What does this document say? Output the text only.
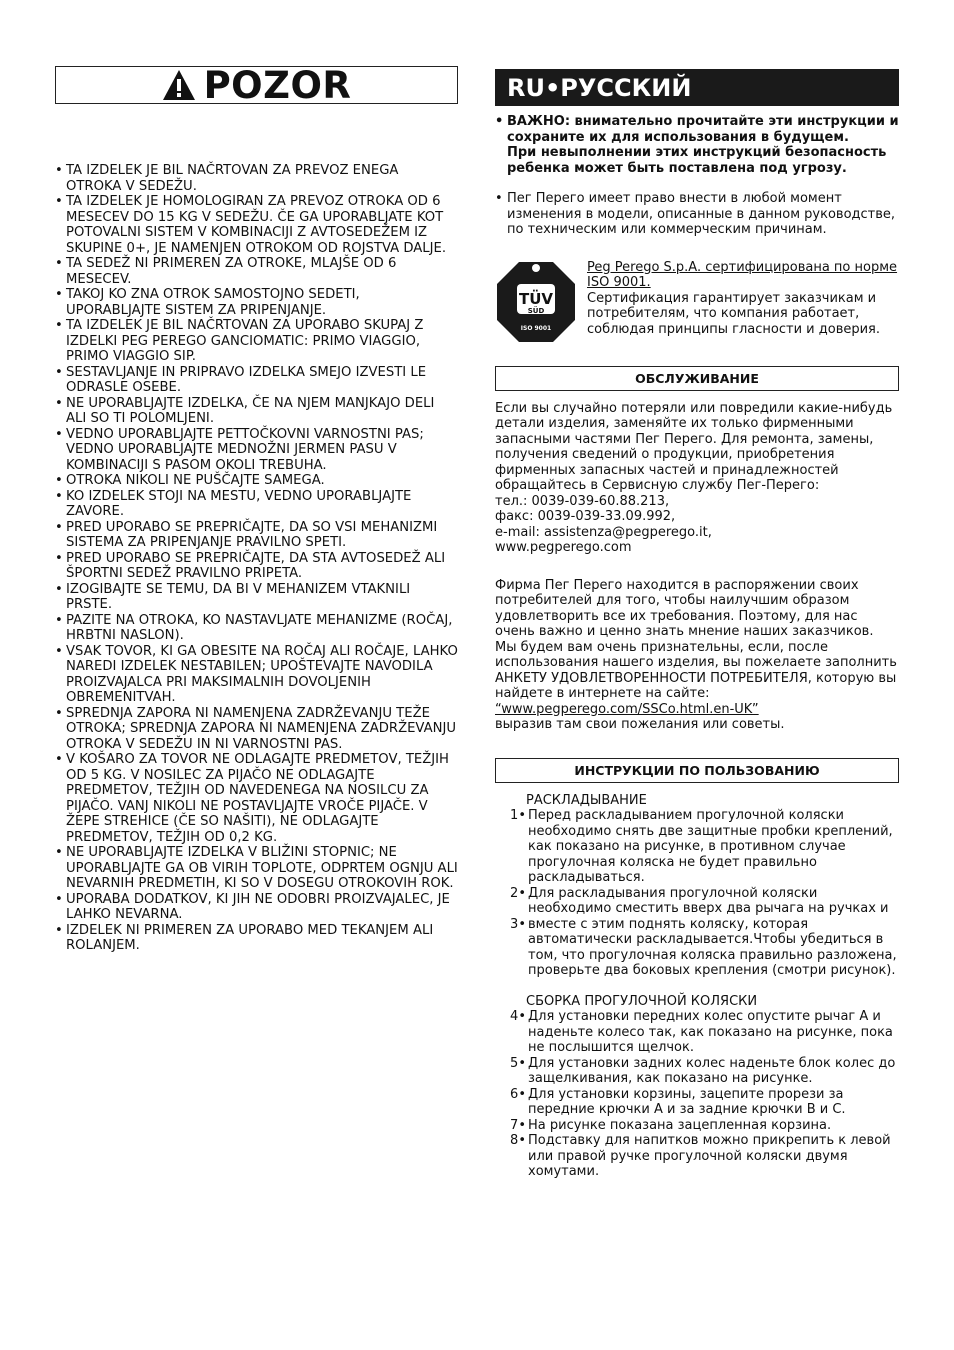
POZOR
• TA IZDELEK JE BIL NAČRTOVAN ZA PREVOZ ENEGA OTROKA V SEDEŽU.
• TA IZDELEK JE HOMOLOGIRAN ZA PREVOZ OTROKA OD 6 MESECEV DO 15 KG V SEDEŽU. ČE GA UPORABLJATE KOT POTOVALNI SISTEM V KOMBINACIJI Z AVTOSEDEŽEM IZ SKUPINE 0+, JE NAMENJEN OTROKOM OD ROJSTVA DALJE.
• TA SEDEŽ NI PRIMEREN ZA OTROKE, MLAJŠE OD 6 MESECEV.
• TAKOJ KO ZNA OTROK SAMOSTOJNO SEDETI, UPORABLJAJTE SISTEM ZA PRIPENJANJE.
• TA IZDELEK JE BIL NAČRTOVAN ZA UPORABO SKUPAJ Z IZDELKI PEG PEREGO GANCIOMATIC: PRIMO VIAGGIO, PRIMO VIAGGIO SIP.
• SESTAVLJANJE IN PRIPRAVO IZDELKA SMEJO IZVESTI LE ODRASLE OSEBE.
• NE UPORABLJAJTE IZDELKA, ČE NA NJEM MANJKAJO DELI ALI SO TI POLOMLJENI.
• VEDNO UPORABLJAJTE PETTOČKOVNI VARNOSTNI PAS; VEDNO UPORABLJAJTE MEDNOŽNI JERMEN PASU V KOMBINACIJI S PASOM OKOLI TREBUHA.
• OTROKA NIKOLI NE PUŠČAJTE SAMEGA.
• KO IZDELEK STOJI NA MESTU, VEDNO UPORABLJAJTE ZAVORE.
• PRED UPORABO SE PREPRIČAJTE, DA SO VSI MEHANIZMI SISTEMA ZA PRIPENJANJE PRAVILNO SPETI.
• PRED UPORABO SE PREPRIČAJTE, DA STA AVTOSEDEŽ ALI ŠPORTNI SEDEŽ PRAVILNO PRIPETA.
• IZOGIBAJTE SE TEMU, DA BI V MEHANIZEM VTAKNILI PRSTE.
• PAZITE NA OTROKA, KO NASTAVLJATE MEHANIZME (ROČAJ, HRBTNI NASLON).
• VSAK TOVOR, KI GA OBESITE NA ROČAJ ALI ROČAJE, LAHKO NAREDI IZDELEK NESTABILEN; UPOŠTEVAJTE NAVODILA PROIZVAJALCA PRI MAKSIMALNIH DOVOLJENIH OBREMENITVAH.
• SPREDNJA ZAPORA NI NAMENJENA ZADRŽEVANJU TEŽE OTROKA; SPREDNJA ZAPORA NI NAMENJENA ZADRŽEVANJU OTROKA V SEDEŽU IN NI VARNOSTNI PAS.
• V KOŠARO ZA TOVOR NE ODLAGAJTE PREDMETOV, TEŽJIH OD 5 KG. V NOSILEC ZA PIJAČO NE ODLAGAJTE PREDMETOV, TEŽJIH OD NAVEDENEGA NA NOSILCU ZA PIJAČO. VANJ NIKOLI NE POSTAVLJAJTE VROČE PIJAČE. V ŽEPE STREHICE (ČE SO NAŠITI), NE ODLAGAJTE PREDMETOV, TEŽJIH OD 0,2 KG.
• NE UPORABLJAJTE IZDELKA V BLIŽINI STOPNIC; NE UPORABLJAJTE GA OB VIRIH TOPLOTE, ODPRTEM OGNJU ALI NEVARNIH PREDMETIH, KI SO V DOSEGU OTROKOVIH ROK.
• UPORABA DODATKOV, KI JIH NE ODOBRI PROIZVAJALEC, JE LAHKO NEVARNA.
• IZDELEK NI PRIMEREN ZA UPORABO MED TEKANJEM ALI ROLANJEM.
RU•РУССКИЙ
• ВАЖНО: внимательно прочитайте эти инструкции и сохраните их для использования в будущем.
При невыполнении этих инструкций безопасность ребенка может быть поставлена под угрозу.
• Пег Перего имеет право внести в любой момент изменения в модели, описанные в данном руководстве, по техническим или коммерческим причинам.
TÜV
SÜD
ISO 9001
Peg Perego S.p.A. сертифицирована по норме ISO 9001.
Сертификация гарантирует заказчикам и потребителям, что компания работает, соблюдая принципы гласности и доверия.
ОБСЛУЖИВАНИЕ
Если вы случайно потеряли или повредили какие-нибудь детали изделия, заменяйте их только фирменными запасными частями Пег Перего. Для ремонта, замены, получения сведений о продукции, приобретения фирменных запасных частей и принадлежностей обращайтесь в Сервисную службу Пег-Перего:
тел.: 0039-039-60.88.213,
факс: 0039-039-33.09.992,
e-mail: assistenza@pegperego.it,
www.pegperego.com
Фирма Пег Перего находится в распоряжении своих потребителей для того, чтобы наилучшим образом удовлетворить все их требования. Поэтому, для нас очень важно и ценно знать мнение наших заказчиков. Мы будем вам очень признательны, если, после использования нашего изделия, вы пожелаете заполнить АНКЕТУ УДОВЛЕТВОРЕННОСТИ ПОТРЕБИТЕЛЯ, которую вы найдете в интернете на сайте:
“www.pegperego.com/SSCo.html.en-UK”
выразив там свои пожелания или советы.
ИНСТРУКЦИИ ПО ПОЛЬЗОВАНИЮ
РАСКЛАДЫВАНИЕ
1• Перед раскладыванием прогулочной коляски необходимо снять две защитные пробки креплений, как показано на рисунке, в противном случае прогулочная коляска не будет правильно раскладываться.
2• Для раскладывания прогулочной коляски необходимо сместить вверх два рычага на ручках и
3• вместе с этим поднять коляску, которая автоматически раскладывается.Чтобы убедиться в том, что прогулочная коляска правильно разложена, проверьте два боковых крепления (смотри рисунок).
СБОРКА ПРОГУЛОЧНОЙ КОЛЯСКИ
4• Для установки передних колес опустите рычаг А и наденьте колесо так, как показано на рисунке, пока не послышится щелчок.
5• Для установки задних колес наденьте блок колес до защелкивания, как показано на рисунке.
6• Для установки корзины, зацепите прорези за передние крючки А и за задние крючки В и С.
7• На рисунке показана зацепленная корзина.
8• Подставку для напитков можно прикрепить к левой или правой ручке прогулочной коляски двумя хомутами.
